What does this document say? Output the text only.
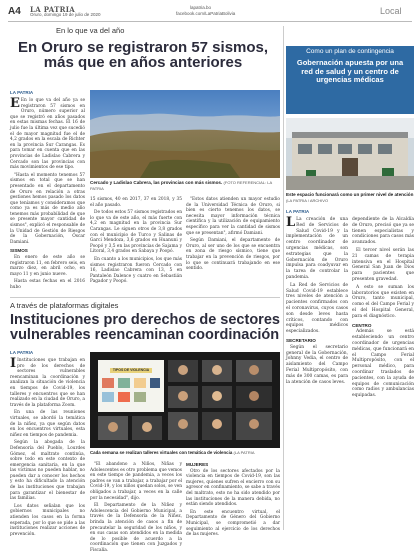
A4 LA PATRIA
Oruro, domingo 19 de julio de 2020
lapatria.bo
facebook.com/LaPatriaBolivia	Local
En lo que va del año
En Oruro se registraron 57 sismos,
más que en años anteriores
LA PATRIA

E En lo que va del año ya se registraron 57 sismos en Oruro, número superior al que se registró en años pasados en estas mismas fechas. El 16 de julio fue la última vez que sucedió el de mayor magnitud fue el de 4,2 grados en la escala de Richter en la provincia Sur Carangas. Es para tomar en cuenta que en las provincias de Ladislao Cabrera y Cercado son las provincias con más movimientos de ese tipo.

"Hasta el momento tenemos 57 sismos en total que se han presentado en el departamento de Oruro en relación a otras gestiones hemos pasado los datos que teníamos y consideramos que como ya es más de medio año tenemos más probabilidad de que se presente mayor cantidad de sismos", explicó el responsable de la Unidad de Gestión de Riesgos de la Gobernación, Óscar Damiani.

SISMOS

En enero de este año se registraron 11, en febrero seis, en marzo diez, en abril ocho, en mayo 11 y en junio nueve.

Hasta estas fechas en el 2016 hubo

Cercado y Ladislao Cabrera, las provincias con más sismos. (FOTO REFERENCIAL: LA PATRIA

15 sismos, 40 en 2017, 37 en 2018, y 35 el año pasado.

De todos estos 57 sismos registrados en lo que va de este año, el más fuerte con 4,2 en magnitud en la provincia Sur Carangas. Le siguen otros de 3,8 grados con el municipio de Turco y Salinas de Garci Mendoza, 3,6 grados en Huanuni y Poopó y 3,5 en las provincias de Sajama y Litoral, 3,4 grados en Sabaya y Poopó.

En cuanto a los municipios, los que más sismos registraron fueron Cercado con 16, Ladislao Cabrera con 13, 5 en Pantaleón Dalence y cuatro en Sebastián Pagador y Poopó.

"Estos datos atienden un mayor estudio de la Universidad Técnica de Oruro, si bien es cierto tenemos los datos, se necesita mayor información técnica científica y la utilización de equipamiento específico para ver la cantidad de sismos que se presentan", afirmó Damiani.

Según Damiani, el departamento de Oruro, al ser uno de los que se encuentra en zona de riesgo sísmico, tiene que trabajar en la prevención de riesgos, por lo que se continuará trabajando en ese sentido.

A través de plataformas digitales
Instituciones pro derechos de sectores
vulnerables reencaminan coordinación
LA PATRIA

I Instituciones que trabajan en pro de los derechos de sectores vulnerables reencaminan la coordinación y analizan la situación de violencia en tiempos de Covid-19, los talleres y encuentros que se han realizado en la ciudad de Oruro, a través de la plataforma Zoom.

En una de las reuniones virtuales, se abordó la temática de la niñez, ya que según datos en los encuentros virtuales, esta niñez en tiempos de pandemia.

Según la abogada de la Defensoría del Pueblo, Lourdes Gómez, el maltrato continúa, sobre todo en este contexto de emergencia sanitaria, en la que las víctimas no pueden hablar, no pueden dar a conocer los hechos y esto ha dificultado la atención de las instituciones que trabajan para garantizar el bienestar de las familias.

Los datos señalan que los gobiernos municipales no atienden los casos en la forma esperada, por lo que se pide a las instituciones realizar acciones de prevención.

TIPOS DE VIOLENCIA
Cada semana se realizan talleres virtuales con temática de violencia (LA PATRIA

"El abandono a Niños, Niñas y Adolescentes es otro problema que vemos en este tiempo de pandemia, a veces los padres se van a trabajar, a trabajar por el Covid-19, y los niños quedan solos, se ven obligados a trabajar, a veces en la calle por la necesidad", dijo.

El Departamento de la Niñez y Adolescencia del Gobierno Municipal, a través de la Defensoría de la Niñez, brinda la atención de casos a fin de precautelar la seguridad de los niños, y en sus casas son atendidos en la medida de lo posible de acuerdo a la coordinación que tienen con Juzgados y Fiscalía.

MUJERES

Otro de los sectores afectados por la violencia en tiempos de Covid-19, son las mujeres, quienes sufren el encierro con su agresor en confinamiento, se sabe a través del maltrato, esto no ha sido atendido por las instituciones de la manera debida, no están siendo atendidos.

En este encuentro virtual, el Departamento de Género del Gobierno Municipal, se comprometió a dar seguimiento al ejercicio de los derechos de las mujeres.

Como un plan de contingencia
Gobernación apuesta por una red de salud y un centro de urgencias médicas
Este espacio funcionará como un primer nivel de atención (LA PATRIA / ARCHIVO
LA PATRIA

L La creación de una Red de Servicios de Salud Covid-19 y la implementación de un centro coordinador de urgencias médicas, son estrategias que la Gobernación de Oruro impulsa para coadyuvar en la tarea de controlar la pandemia.

La Red de Servicios de Salud Covid-19 establece tres niveles de atención a pacientes confirmados con el coronavirus, cuyos casos son desde leves hasta críticos, contando con equipos médicos especializados.

SECRETARIO

Según el secretario general de la Gobernación, Johnny Vedia, el centro de aislamiento del Campo Ferial Multipropósito, con más de 300 camas, es para la atención de casos leves.

dependiente de la Alcaldía de Oruro, precisó que ya se tienen especialistas y condiciones para casos más avanzados.

El tercer nivel serán las 21 camas de terapia intensiva en el Hospital General San Juan de Dios para pacientes que presenten gravedad.

A esto se suman los laboratorios que existen en Oruro, tanto municipal, como el del Campo Ferial y el del Hospital General, para el diagnóstico.

CENTRO

Además se está estableciendo un centro coordinador de urgencias médicas, que funcionará en el Campo Ferial Multipropósito, con el personal médico, para coordinar traslados de pacientes, con la ayuda de equipos de comunicación como radios y ambulancias equipadas.
